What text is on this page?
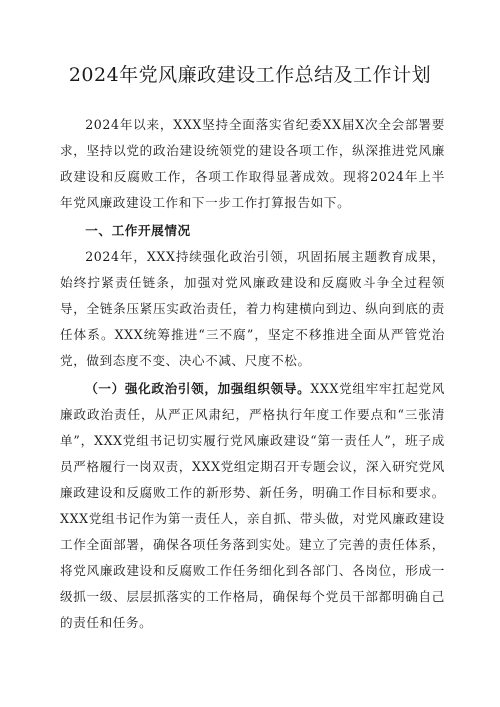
2024年党风廉政建设工作总结及工作计划

2024年以来，XXX坚持全面落实省纪委XX届X次全会部署要求，坚持以党的政治建设统领党的建设各项工作，纵深推进党风廉政建设和反腐败工作，各项工作取得显著成效。现将2024年上半年党风廉政建设工作和下一步工作打算报告如下。

一、工作开展情况

2024年，XXX持续强化政治引领，巩固拓展主题教育成果，始终拧紧责任链条，加强对党风廉政建设和反腐败斗争全过程领导，全链条压紧压实政治责任，着力构建横向到边、纵向到底的责任体系。XXX统筹推进“三不腐”，坚定不移推进全面从严管党治党，做到态度不变、决心不减、尺度不松。

（一）强化政治引领，加强组织领导。XXX党组牢牢扛起党风廉政政治责任，从严正风肃纪，严格执行年度工作要点和“三张清单”，XXX党组书记切实履行党风廉政建设“第一责任人”，班子成员严格履行一岗双责，XXX党组定期召开专题会议，深入研究党风廉政建设和反腐败工作的新形势、新任务，明确工作目标和要求。XXX党组书记作为第一责任人，亲自抓、带头做，对党风廉政建设工作全面部署，确保各项任务落到实处。建立了完善的责任体系，将党风廉政建设和反腐败工作任务细化到各部门、各岗位，形成一级抓一级、层层抓落实的工作格局，确保每个党员干部都明确自己的责任和任务。
